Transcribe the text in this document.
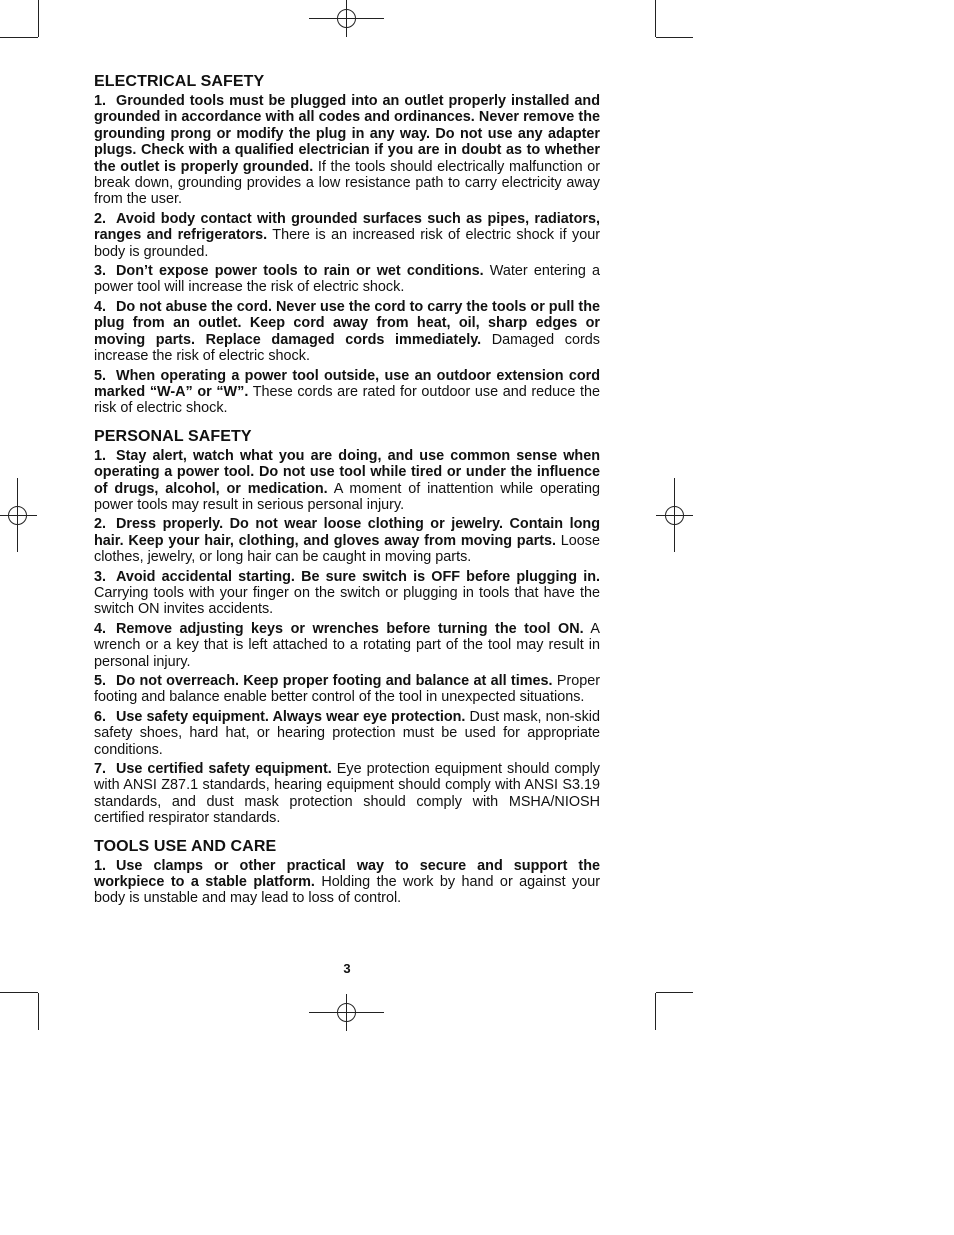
ELECTRICAL SAFETY

1. Grounded tools must be plugged into an outlet properly installed and grounded in accordance with all codes and ordinances. Never remove the grounding prong or modify the plug in any way. Do not use any adapter plugs. Check with a qualified electrician if you are in doubt as to whether the outlet is properly grounded. If the tools should electrically malfunction or break down, grounding provides a low resistance path to carry electricity away from the user.

2. Avoid body contact with grounded surfaces such as pipes, radiators, ranges and refrigerators. There is an increased risk of electric shock if your body is grounded.

3. Don’t expose power tools to rain or wet conditions. Water entering a power tool will increase the risk of electric shock.

4. Do not abuse the cord. Never use the cord to carry the tools or pull the plug from an outlet. Keep cord away from heat, oil, sharp edges or moving parts. Replace damaged cords immediately. Damaged cords increase the risk of electric shock.

5. When operating a power tool outside, use an outdoor extension cord marked “W-A” or “W”. These cords are rated for outdoor use and reduce the risk of electric shock.

PERSONAL SAFETY

1. Stay alert, watch what you are doing, and use common sense when operating a power tool. Do not use tool while tired or under the influence of drugs, alcohol, or medication. A moment of inattention while operating power tools may result in serious personal injury.

2. Dress properly. Do not wear loose clothing or jewelry. Contain long hair. Keep your hair, clothing, and gloves away from moving parts. Loose clothes, jewelry, or long hair can be caught in moving parts.

3. Avoid accidental starting. Be sure switch is OFF before plugging in. Carrying tools with your finger on the switch or plugging in tools that have the switch ON invites accidents.

4. Remove adjusting keys or wrenches before turning the tool ON. A wrench or a key that is left attached to a rotating part of the tool may result in personal injury.

5. Do not overreach. Keep proper footing and balance at all times. Proper footing and balance enable better control of the tool in unexpected situations.

6. Use safety equipment. Always wear eye protection. Dust mask, non-skid safety shoes, hard hat, or hearing protection must be used for appropriate conditions.

7. Use certified safety equipment. Eye protection equipment should comply with ANSI Z87.1 standards, hearing equipment should comply with ANSI S3.19 standards, and dust mask protection should comply with MSHA/NIOSH certified respirator standards.

TOOLS USE AND CARE

1. Use clamps or other practical way to secure and support the workpiece to a stable platform. Holding the work by hand or against your body is unstable and may lead to loss of control.

3
